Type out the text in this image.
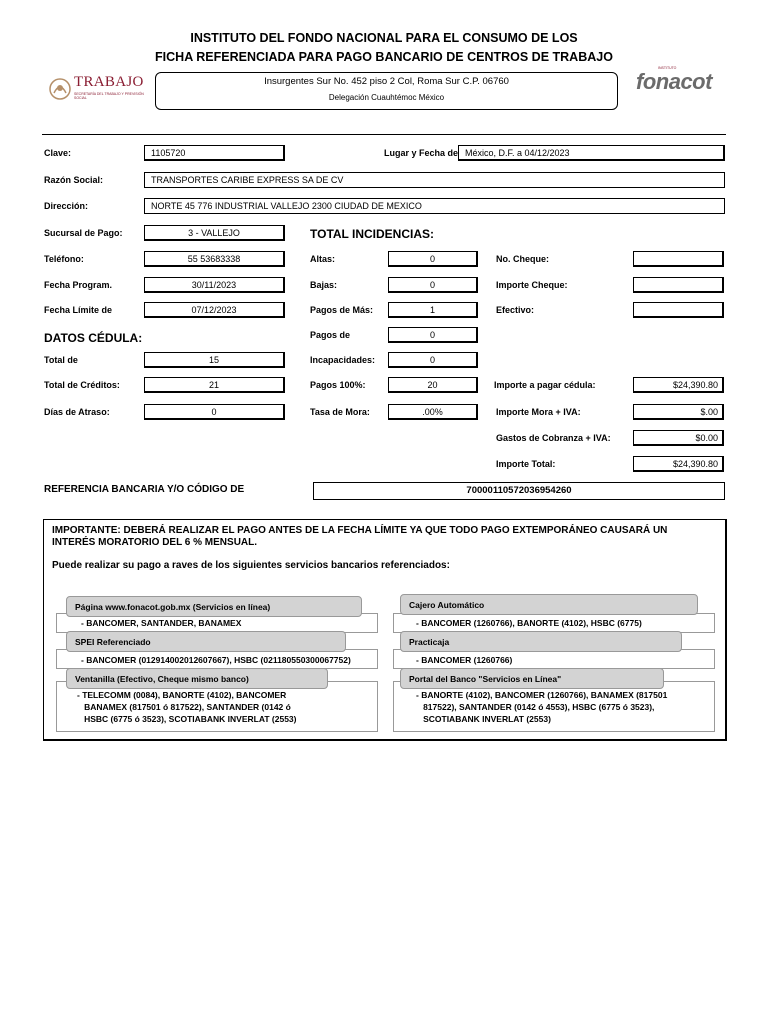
INSTITUTO DEL FONDO NACIONAL PARA EL CONSUMO DE LOS
FICHA REFERENCIADA PARA PAGO BANCARIO DE CENTROS DE TRABAJO
TRABAJO
SECRETARÍA DEL TRABAJO Y PREVISIÓN SOCIAL
Insurgentes Sur No. 452 piso 2 Col, Roma Sur C.P. 06760
Delegación Cuauhtémoc México
INSTITUTO
fonacot
Clave:	1105720	Lugar y Fecha de México, D.F. a 04/12/2023
Razón Social:	TRANSPORTES CARIBE EXPRESS SA DE CV
Dirección:	NORTE 45 776 INDUSTRIAL VALLEJO 2300 CIUDAD DE MEXICO
Sucursal de Pago:	3 - VALLEJO	TOTAL INCIDENCIAS:
Teléfono:	55 53683338	Altas:	0	No. Cheque:
Fecha Program.	30/11/2023	Bajas:	0	Importe Cheque:
Fecha Límite de	07/12/2023	Pagos de Más:	1	Efectivo:
DATOS CÉDULA:	Pagos de	0
Total de	15	Incapacidades:	0
Total de Créditos:	21	Pagos 100%:	20	Importe a pagar cédula:	$24,390.80
Días de Atraso:	0	Tasa de Mora:	.00%	Importe Mora + IVA:	$.00
Gastos de Cobranza + IVA:	$0.00
Importe Total:	$24,390.80
REFERENCIA BANCARIA Y/O CÓDIGO DE	70000110572036954260
IMPORTANTE: DEBERÁ REALIZAR EL PAGO ANTES DE LA FECHA LÍMITE YA QUE TODO PAGO EXTEMPORÁNEO CAUSARÁ UN
INTERÉS MORATORIO DEL 6 % MENSUAL.
Puede realizar su pago a raves de los siguientes servicios bancarios referenciados:
- BANCOMER, SANTANDER, BANAMEX
Página www.fonacot.gob.mx (Servicios en línea)
- BANCOMER (012914002012607667), HSBC (021180550300067752)
SPEI Referenciado
- TELECOMM (0084), BANORTE (4102), BANCOMER
BANAMEX (817501 ó 817522), SANTANDER (0142 ó
HSBC (6775 ó 3523), SCOTIABANK INVERLAT (2553)
Ventanilla (Efectivo, Cheque mismo banco)
- BANCOMER (1260766), BANORTE (4102), HSBC (6775)
Cajero Automático
- BANCOMER (1260766)
Practicaja
- BANORTE (4102), BANCOMER (1260766), BANAMEX (817501
817522), SANTANDER (0142 ó 4553), HSBC (6775 ó 3523),
SCOTIABANK INVERLAT (2553)
Portal del Banco "Servicios en Línea"
